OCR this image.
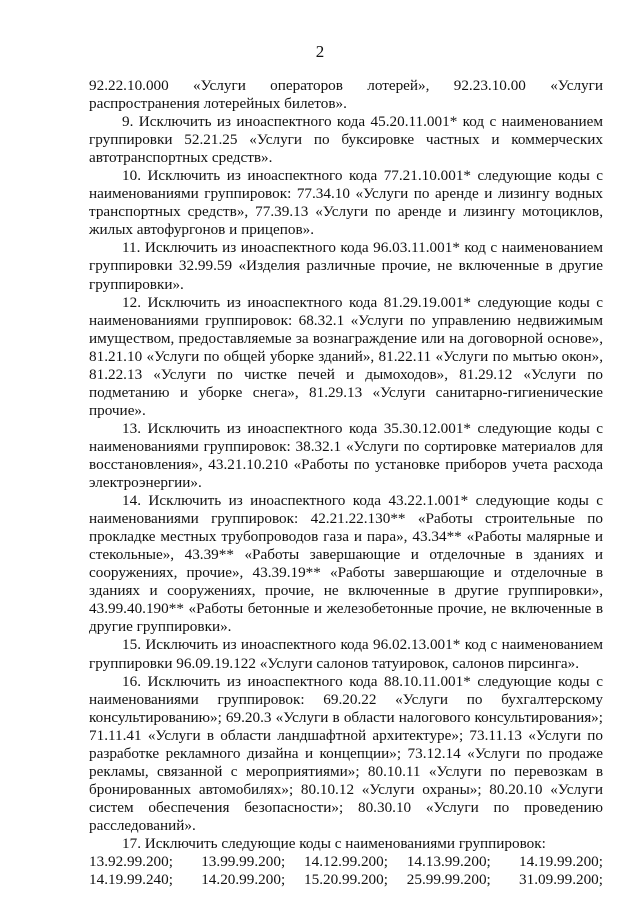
2

92.22.10.000 «Услуги операторов лотерей», 92.23.10.00 «Услуги распространения лотерейных билетов».

9. Исключить из иноаспектного кода 45.20.11.001* код с наименованием группировки 52.21.25 «Услуги по буксировке частных и коммерческих автотранспортных средств».

10. Исключить из иноаспектного кода 77.21.10.001* следующие коды с наименованиями группировок: 77.34.10 «Услуги по аренде и лизингу водных транспортных средств», 77.39.13 «Услуги по аренде и лизингу мотоциклов, жилых автофургонов и прицепов».

11. Исключить из иноаспектного кода 96.03.11.001* код с наименованием группировки 32.99.59 «Изделия различные прочие, не включенные в другие группировки».

12. Исключить из иноаспектного кода 81.29.19.001* следующие коды с наименованиями группировок: 68.32.1 «Услуги по управлению недвижимым имуществом, предоставляемые за вознаграждение или на договорной основе», 81.21.10 «Услуги по общей уборке зданий», 81.22.11 «Услуги по мытью окон», 81.22.13 «Услуги по чистке печей и дымоходов», 81.29.12 «Услуги по подметанию и уборке снега», 81.29.13 «Услуги санитарно-гигиенические прочие».

13. Исключить из иноаспектного кода 35.30.12.001* следующие коды с наименованиями группировок: 38.32.1 «Услуги по сортировке материалов для восстановления», 43.21.10.210 «Работы по установке приборов учета расхода электроэнергии».

14. Исключить из иноаспектного кода 43.22.1.001* следующие коды с наименованиями группировок: 42.21.22.130** «Работы строительные по прокладке местных трубопроводов газа и пара», 43.34** «Работы малярные и стекольные», 43.39** «Работы завершающие и отделочные в зданиях и сооружениях, прочие», 43.39.19** «Работы завершающие и отделочные в зданиях и сооружениях, прочие, не включенные в другие группировки», 43.99.40.190** «Работы бетонные и железобетонные прочие, не включенные в другие группировки».

15. Исключить из иноаспектного кода 96.02.13.001* код с наименованием группировки 96.09.19.122 «Услуги салонов татуировок, салонов пирсинга».

16. Исключить из иноаспектного кода 88.10.11.001* следующие коды с наименованиями группировок: 69.20.22 «Услуги по бухгалтерскому консультированию»; 69.20.3 «Услуги в области налогового консультирования»; 71.11.41 «Услуги в области ландшафтной архитектуре»; 73.11.13 «Услуги по разработке рекламного дизайна и концепции»; 73.12.14 «Услуги по продаже рекламы, связанной с мероприятиями»; 80.10.11 «Услуги по перевозкам в бронированных автомобилях»; 80.10.12 «Услуги охраны»; 80.20.10 «Услуги систем обеспечения безопасности»; 80.30.10 «Услуги по проведению расследований».

17. Исключить следующие коды с наименованиями группировок:

13.92.99.200;	13.99.99.200;	14.12.99.200;	14.13.99.200;	14.19.99.200;
14.19.99.240;	14.20.99.200;	15.20.99.200;	25.99.99.200;	31.09.99.200;
